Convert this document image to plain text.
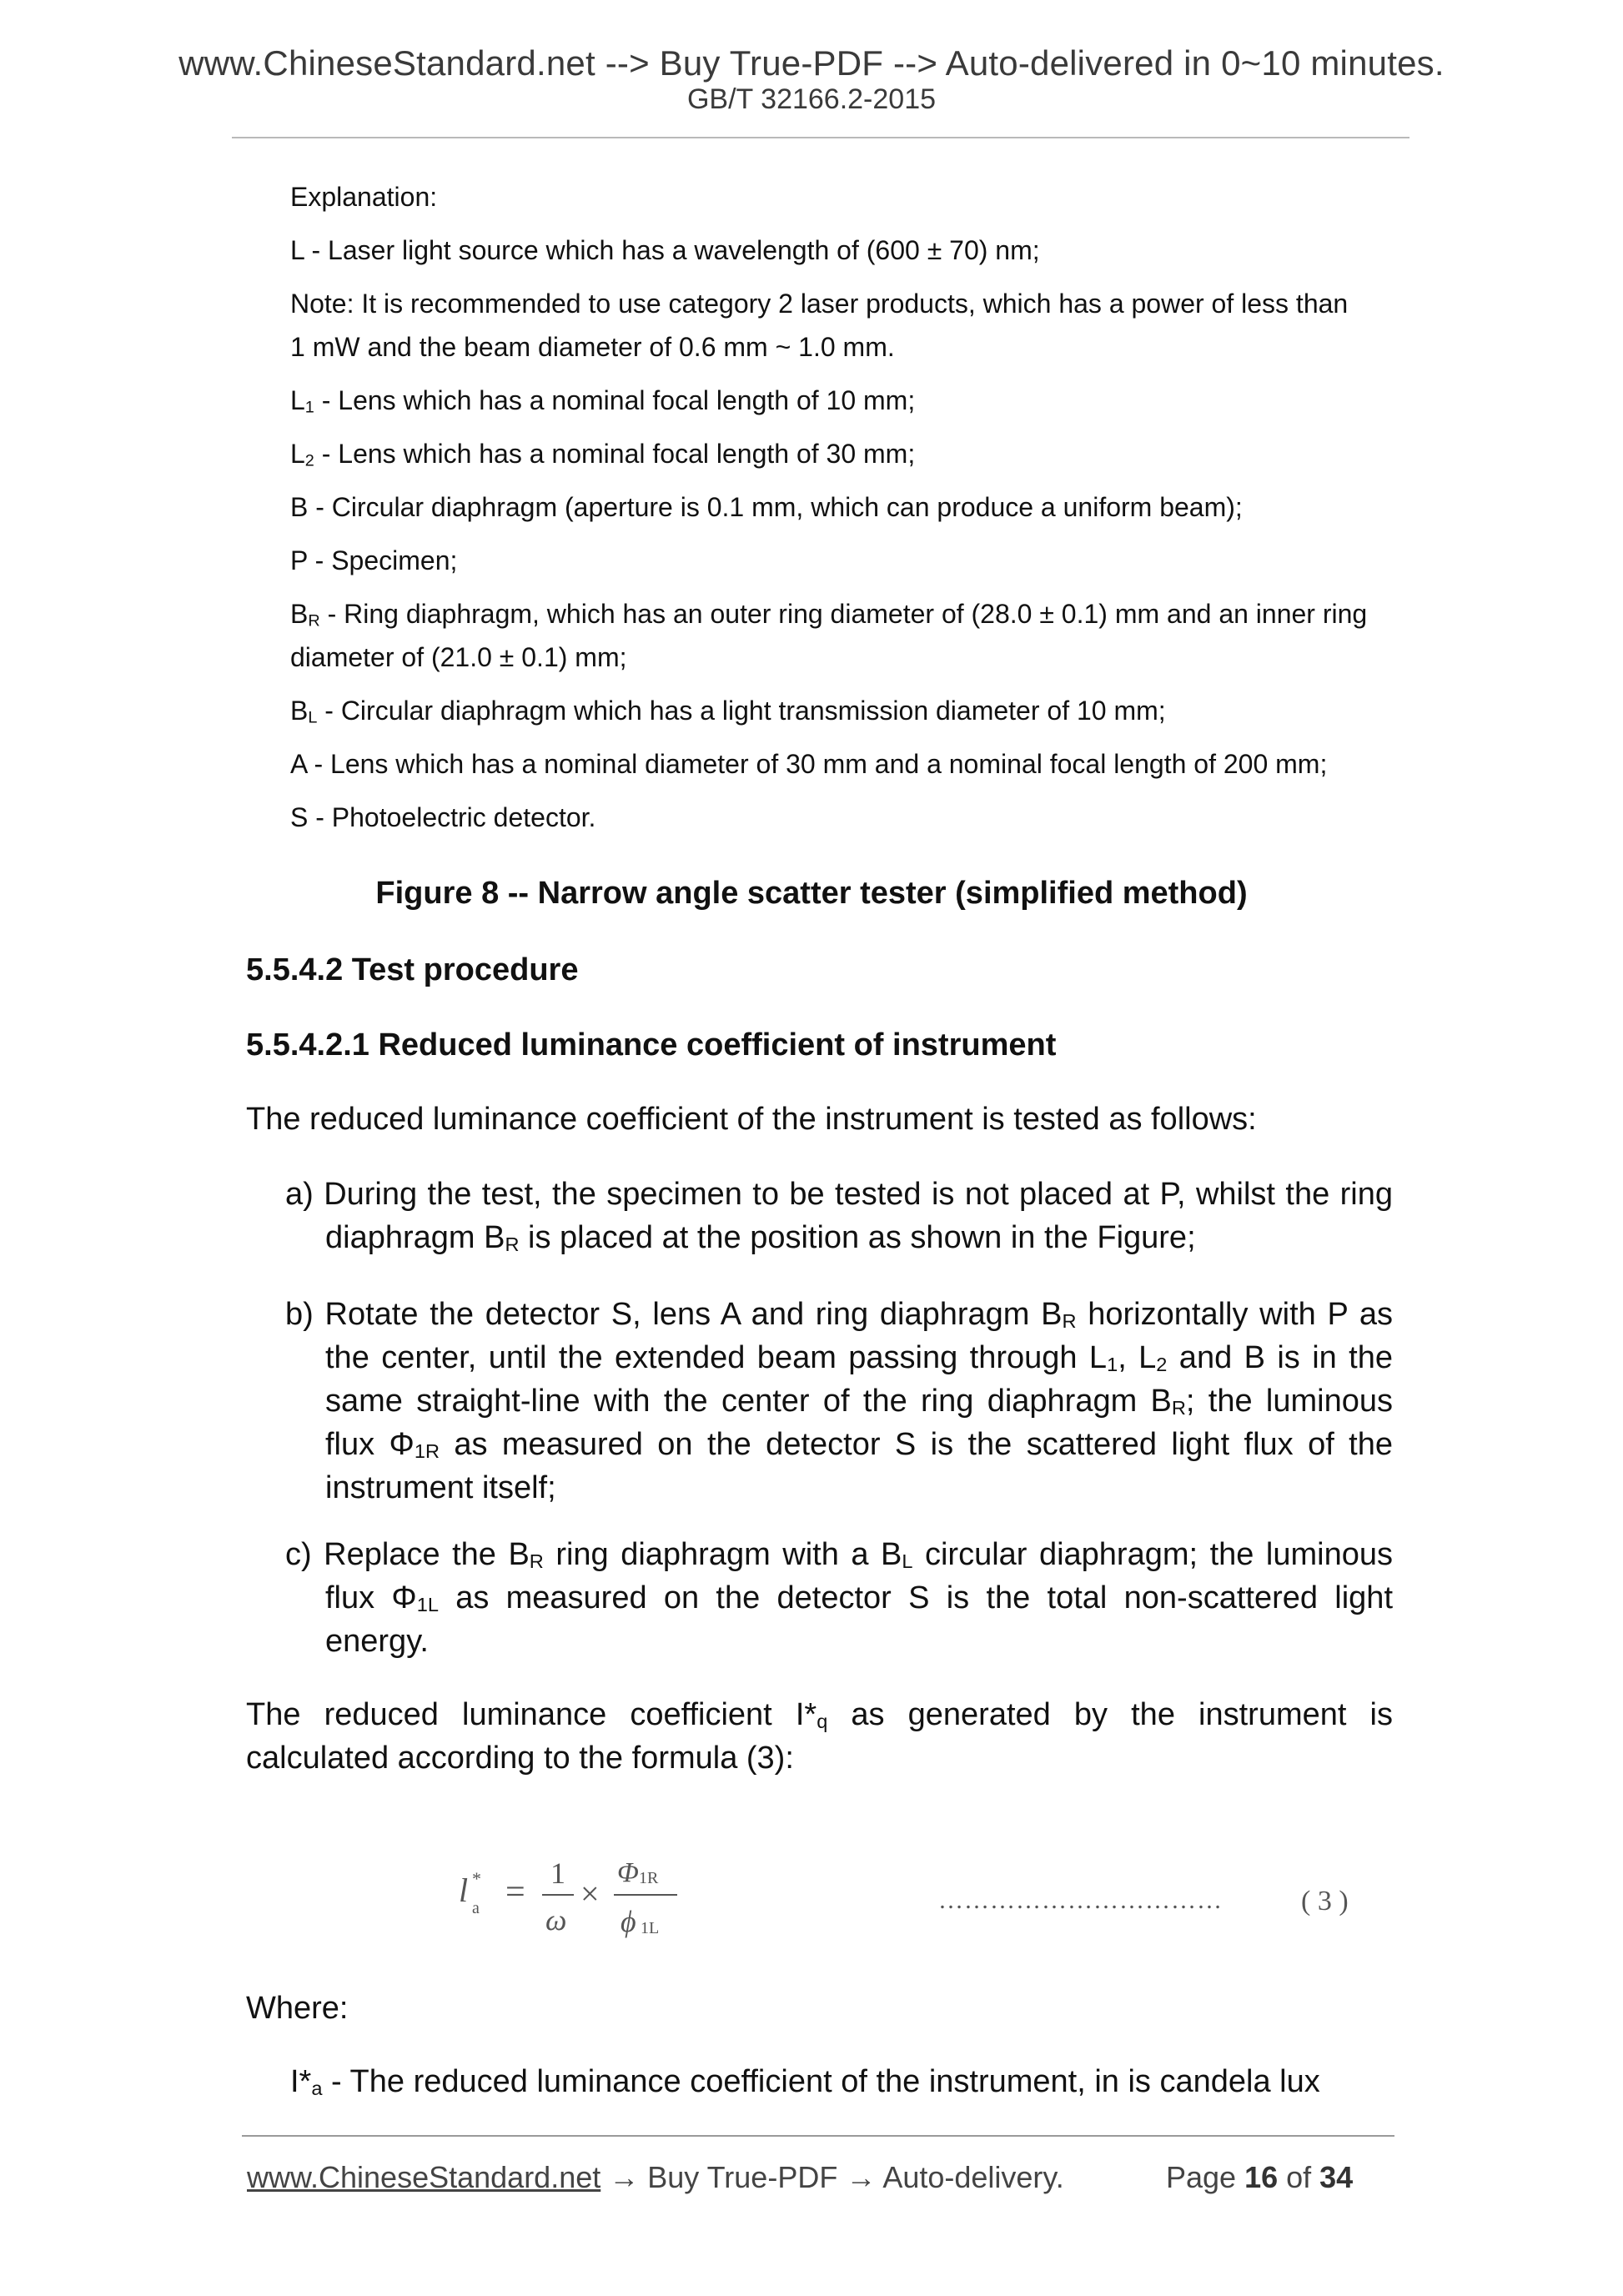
www.ChineseStandard.net --> Buy True-PDF --> Auto-delivered in 0~10 minutes.
GB/T 32166.2-2015

Explanation:

L - Laser light source which has a wavelength of (600 ± 70) nm;

Note: It is recommended to use category 2 laser products, which has a power of less than
1 mW and the beam diameter of 0.6 mm ~ 1.0 mm.

$L_1$ - Lens which has a nominal focal length of 10 mm;

$L_2$ - Lens which has a nominal focal length of 30 mm;

B - Circular diaphragm (aperture is 0.1 mm, which can produce a uniform beam);

P - Specimen;

$B_R$ - Ring diaphragm, which has an outer ring diameter of (28.0 ± 0.1) mm and an inner ring
diameter of (21.0 ± 0.1) mm;

$B_L$ - Circular diaphragm which has a light transmission diameter of 10 mm;

A - Lens which has a nominal diameter of 30 mm and a nominal focal length of 200 mm;

S - Photoelectric detector.

Figure 8 -- Narrow angle scatter tester (simplified method)
5.5.4.2 Test procedure
5.5.4.2.1 Reduced luminance coefficient of instrument
The reduced luminance coefficient of the instrument is tested as follows:
a) During the test, the specimen to be tested is not placed at P, whilst the ring diaphragm $B_R$ is placed at the position as shown in the Figure;
b) Rotate the detector S, lens A and ring diaphragm $B_R$ horizontally with P as the center, until the extended beam passing through $L_1$, $L_2$ and B is in the same straight-line with the center of the ring diaphragm $B_R$; the luminous flux $\Phi_{1R}$ as measured on the detector S is the scattered light flux of the instrument itself;
c) Replace the $B_R$ ring diaphragm with a $B_L$ circular diaphragm; the luminous flux $\Phi_{1L}$ as measured on the detector S is the total non-scattered light energy.
The reduced luminance coefficient $I*_q$ as generated by the instrument is calculated according to the formula (3):
l *
a = 1
ω
×
Φ 1R
ϕ 1L
……………………………	( 3 )
Where:
$I*_a$ - The reduced luminance coefficient of the instrument, in is candela lux
www.ChineseStandard.net → Buy True-PDF → Auto-delivery.	Page 16 of 34
